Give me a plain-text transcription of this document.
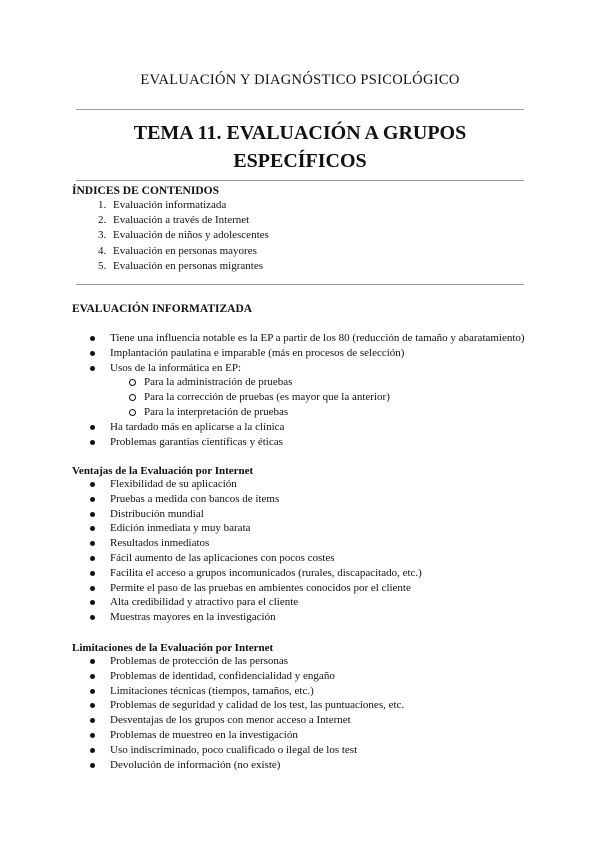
EVALUACIÓN Y DIAGNÓSTICO PSICOLÓGICO
TEMA 11. EVALUACIÓN A GRUPOS
ESPECÍFICOS
ÍNDICES DE CONTENIDOS
1. Evaluación informatizada
2. Evaluación a través de Internet
3. Evaluación de niños y adolescentes
4. Evaluación en personas mayores
5. Evaluación en personas migrantes
EVALUACIÓN INFORMATIZADA
Tiene una influencia notable es la EP a partir de los 80 (reducción de tamaño y abaratamiento)
Implantación paulatina e imparable (más en procesos de selección)
Usos de la informática en EP:
Para la administración de pruebas
Para la corrección de pruebas (es mayor que la anterior)
Para la interpretación de pruebas
Ha tardado más en aplicarse a la clínica
Problemas garantías científicas y éticas
Ventajas de la Evaluación por Internet
Flexibilidad de su aplicación
Pruebas a medida con bancos de ítems
Distribución mundial
Edición inmediata y muy barata
Resultados inmediatos
Fácil aumento de las aplicaciones con pocos costes
Facilita el acceso a grupos incomunicados (rurales, discapacitado, etc.)
Permite el paso de las pruebas en ambientes conocidos por el cliente
Alta credibilidad y atractivo para el cliente
Muestras mayores en la investigación
Limitaciones de la Evaluación por Internet
Problemas de protección de las personas
Problemas de identidad, confidencialidad y engaño
Limitaciones técnicas (tiempos, tamaños, etc.)
Problemas de seguridad y calidad de los test, las puntuaciones, etc.
Desventajas de los grupos con menor acceso a Internet
Problemas de muestreo en la investigación
Uso indiscriminado, poco cualificado o ilegal de los test
Devolución de información (no existe)
